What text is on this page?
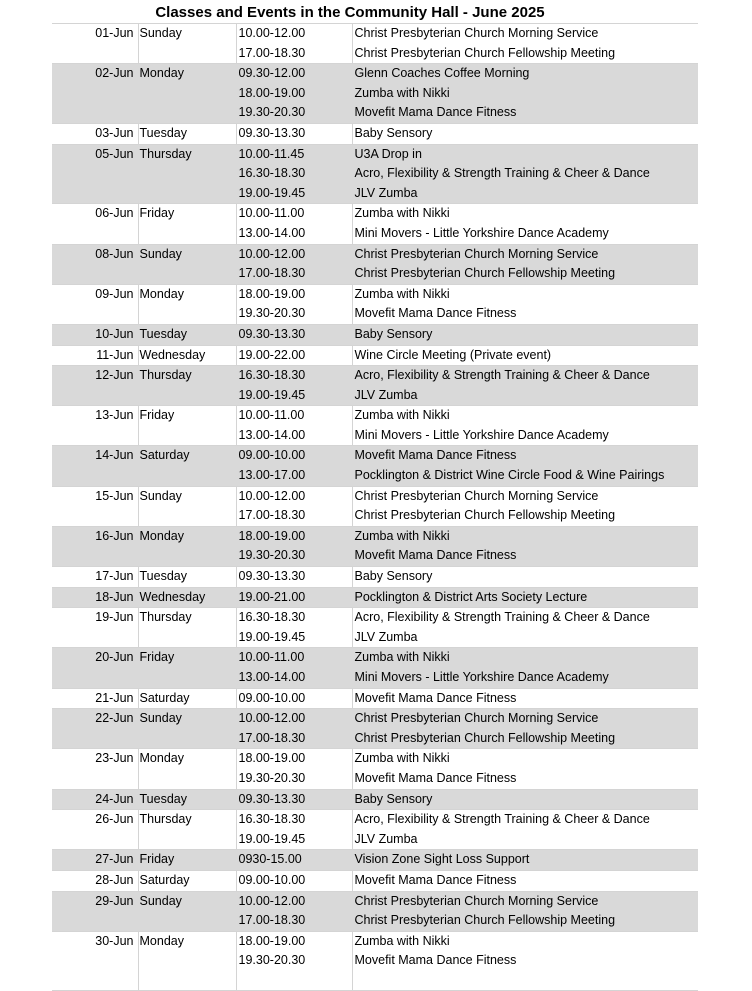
Classes and Events in the Community Hall - June 2025
01-Jun	Sunday	10.00-12.00	Christ Presbyterian Church Morning Service
		17.00-18.30	Christ Presbyterian Church Fellowship Meeting
02-Jun	Monday	09.30-12.00	Glenn Coaches Coffee Morning
		18.00-19.00	Zumba with Nikki
		19.30-20.30	Movefit Mama Dance Fitness
03-Jun	Tuesday	09.30-13.30	Baby Sensory
05-Jun	Thursday	10.00-11.45	U3A Drop in
		16.30-18.30	Acro, Flexibility & Strength Training & Cheer & Dance
		19.00-19.45	JLV Zumba
06-Jun	Friday	10.00-11.00	Zumba with Nikki
		13.00-14.00	Mini Movers - Little Yorkshire Dance Academy
08-Jun	Sunday	10.00-12.00	Christ Presbyterian Church Morning Service
		17.00-18.30	Christ Presbyterian Church Fellowship Meeting
09-Jun	Monday	18.00-19.00	Zumba with Nikki
		19.30-20.30	Movefit Mama Dance Fitness
10-Jun	Tuesday	09.30-13.30	Baby Sensory
11-Jun	Wednesday	19.00-22.00	Wine Circle Meeting (Private event)
12-Jun	Thursday	16.30-18.30	Acro, Flexibility & Strength Training & Cheer & Dance
		19.00-19.45	JLV Zumba
13-Jun	Friday	10.00-11.00	Zumba with Nikki
		13.00-14.00	Mini Movers - Little Yorkshire Dance Academy
14-Jun	Saturday	09.00-10.00	Movefit Mama Dance Fitness
		13.00-17.00	Pocklington & District Wine Circle Food & Wine Pairings
15-Jun	Sunday	10.00-12.00	Christ Presbyterian Church Morning Service
		17.00-18.30	Christ Presbyterian Church Fellowship Meeting
16-Jun	Monday	18.00-19.00	Zumba with Nikki
		19.30-20.30	Movefit Mama Dance Fitness
17-Jun	Tuesday	09.30-13.30	Baby Sensory
18-Jun	Wednesday	19.00-21.00	Pocklington & District Arts Society Lecture
19-Jun	Thursday	16.30-18.30	Acro, Flexibility & Strength Training & Cheer & Dance
		19.00-19.45	JLV Zumba
20-Jun	Friday	10.00-11.00	Zumba with Nikki
		13.00-14.00	Mini Movers - Little Yorkshire Dance Academy
21-Jun	Saturday	09.00-10.00	Movefit Mama Dance Fitness
22-Jun	Sunday	10.00-12.00	Christ Presbyterian Church Morning Service
		17.00-18.30	Christ Presbyterian Church Fellowship Meeting
23-Jun	Monday	18.00-19.00	Zumba with Nikki
		19.30-20.30	Movefit Mama Dance Fitness
24-Jun	Tuesday	09.30-13.30	Baby Sensory
26-Jun	Thursday	16.30-18.30	Acro, Flexibility & Strength Training & Cheer & Dance
		19.00-19.45	JLV Zumba
27-Jun	Friday	0930-15.00	Vision Zone Sight Loss Support
28-Jun	Saturday	09.00-10.00	Movefit Mama Dance Fitness
29-Jun	Sunday	10.00-12.00	Christ Presbyterian Church Morning Service
		17.00-18.30	Christ Presbyterian Church Fellowship Meeting
30-Jun	Monday	18.00-19.00	Zumba with Nikki
		19.30-20.30	Movefit Mama Dance Fitness
